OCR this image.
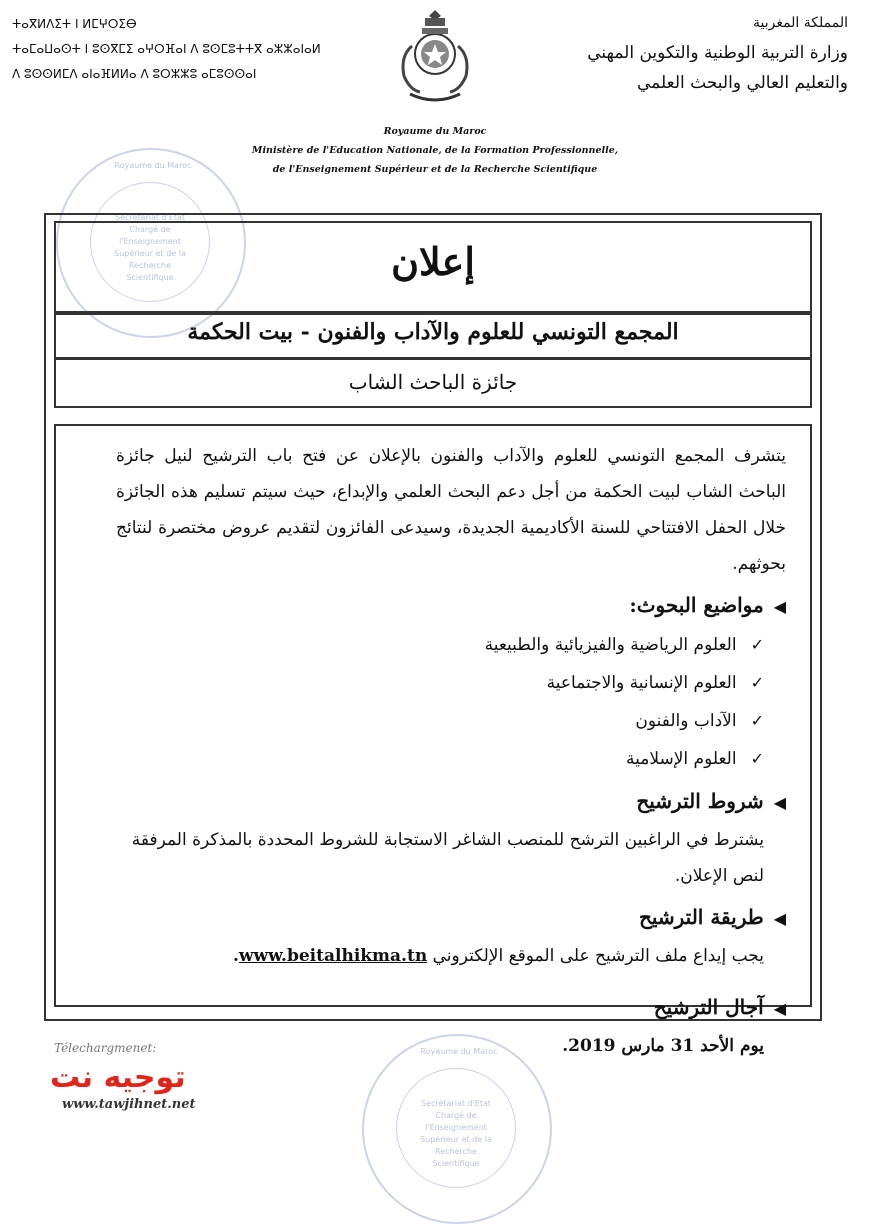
ⵜⴰⴳⵍⴷⵉⵜ ⵏ ⵍⵎⵖⵔⵉⴱ
ⵜⴰⵎⴰⵡⴰⵙⵜ ⵏ ⵓⵙⴳⵎⵉ ⴰⵖⵔⴼⴰⵏ ⴷ ⵓⵙⵎⵓⵜⵜⴳ ⴰⵣⵣⴰⵏⴰⵍ
ⴷ ⵓⵙⵙⵍⵎⴷ ⴰⵏⴰⴼⵍⵍⴰ ⴷ ⵓⵔⵣⵣⵓ ⴰⵎⵓⵙⵙⴰⵏ
المملكة المغربية
وزارة التربية الوطنية والتكوين المهني
والتعليم العالي والبحث العلمي
Royaume du Maroc
Ministère de l'Education Nationale, de la Formation Professionnelle,
de l'Enseignement Supérieur et de la Recherche Scientifique
Royaume du Maroc
Secrétariat d'Etat
Chargé de l'Enseignement
Supérieur et de la Recherche
Scientifique	إعلان
المجمع التونسي للعلوم والآداب والفنون - بيت الحكمة
جائزة الباحث الشاب
يتشرف المجمع التونسي للعلوم والآداب والفنون بالإعلان عن فتح باب الترشيح لنيل جائزة الباحث الشاب لبيت الحكمة من أجل دعم البحث العلمي والإبداع، حيث سيتم تسليم هذه الجائزة خلال الحفل الافتتاحي للسنة الأكاديمية الجديدة، وسيدعى الفائزون لتقديم عروض مختصرة لنتائج بحوثهم.
◀مواضيع البحوث:
✓العلوم الرياضية والفيزيائية والطبيعية
✓العلوم الإنسانية والاجتماعية
✓الآداب والفنون
✓العلوم الإسلامية
◀شروط الترشيح
يشترط في الراغبين الترشح للمنصب الشاغر الاستجابة للشروط المحددة بالمذكرة المرفقة لنص الإعلان.
◀طريقة الترشيح
يجب إيداع ملف الترشيح على الموقع الإلكتروني www.beitalhikma.tn.
◀آجال الترشيح
يوم الأحد 31 مارس 2019.
Royaume du Maroc
Secrétariat d'Etat
Chargé de l'Enseignement
Supérieur et de la Recherche
Scientifique
Télechargmenet:
توجيه نت
www.tawjihnet.net
